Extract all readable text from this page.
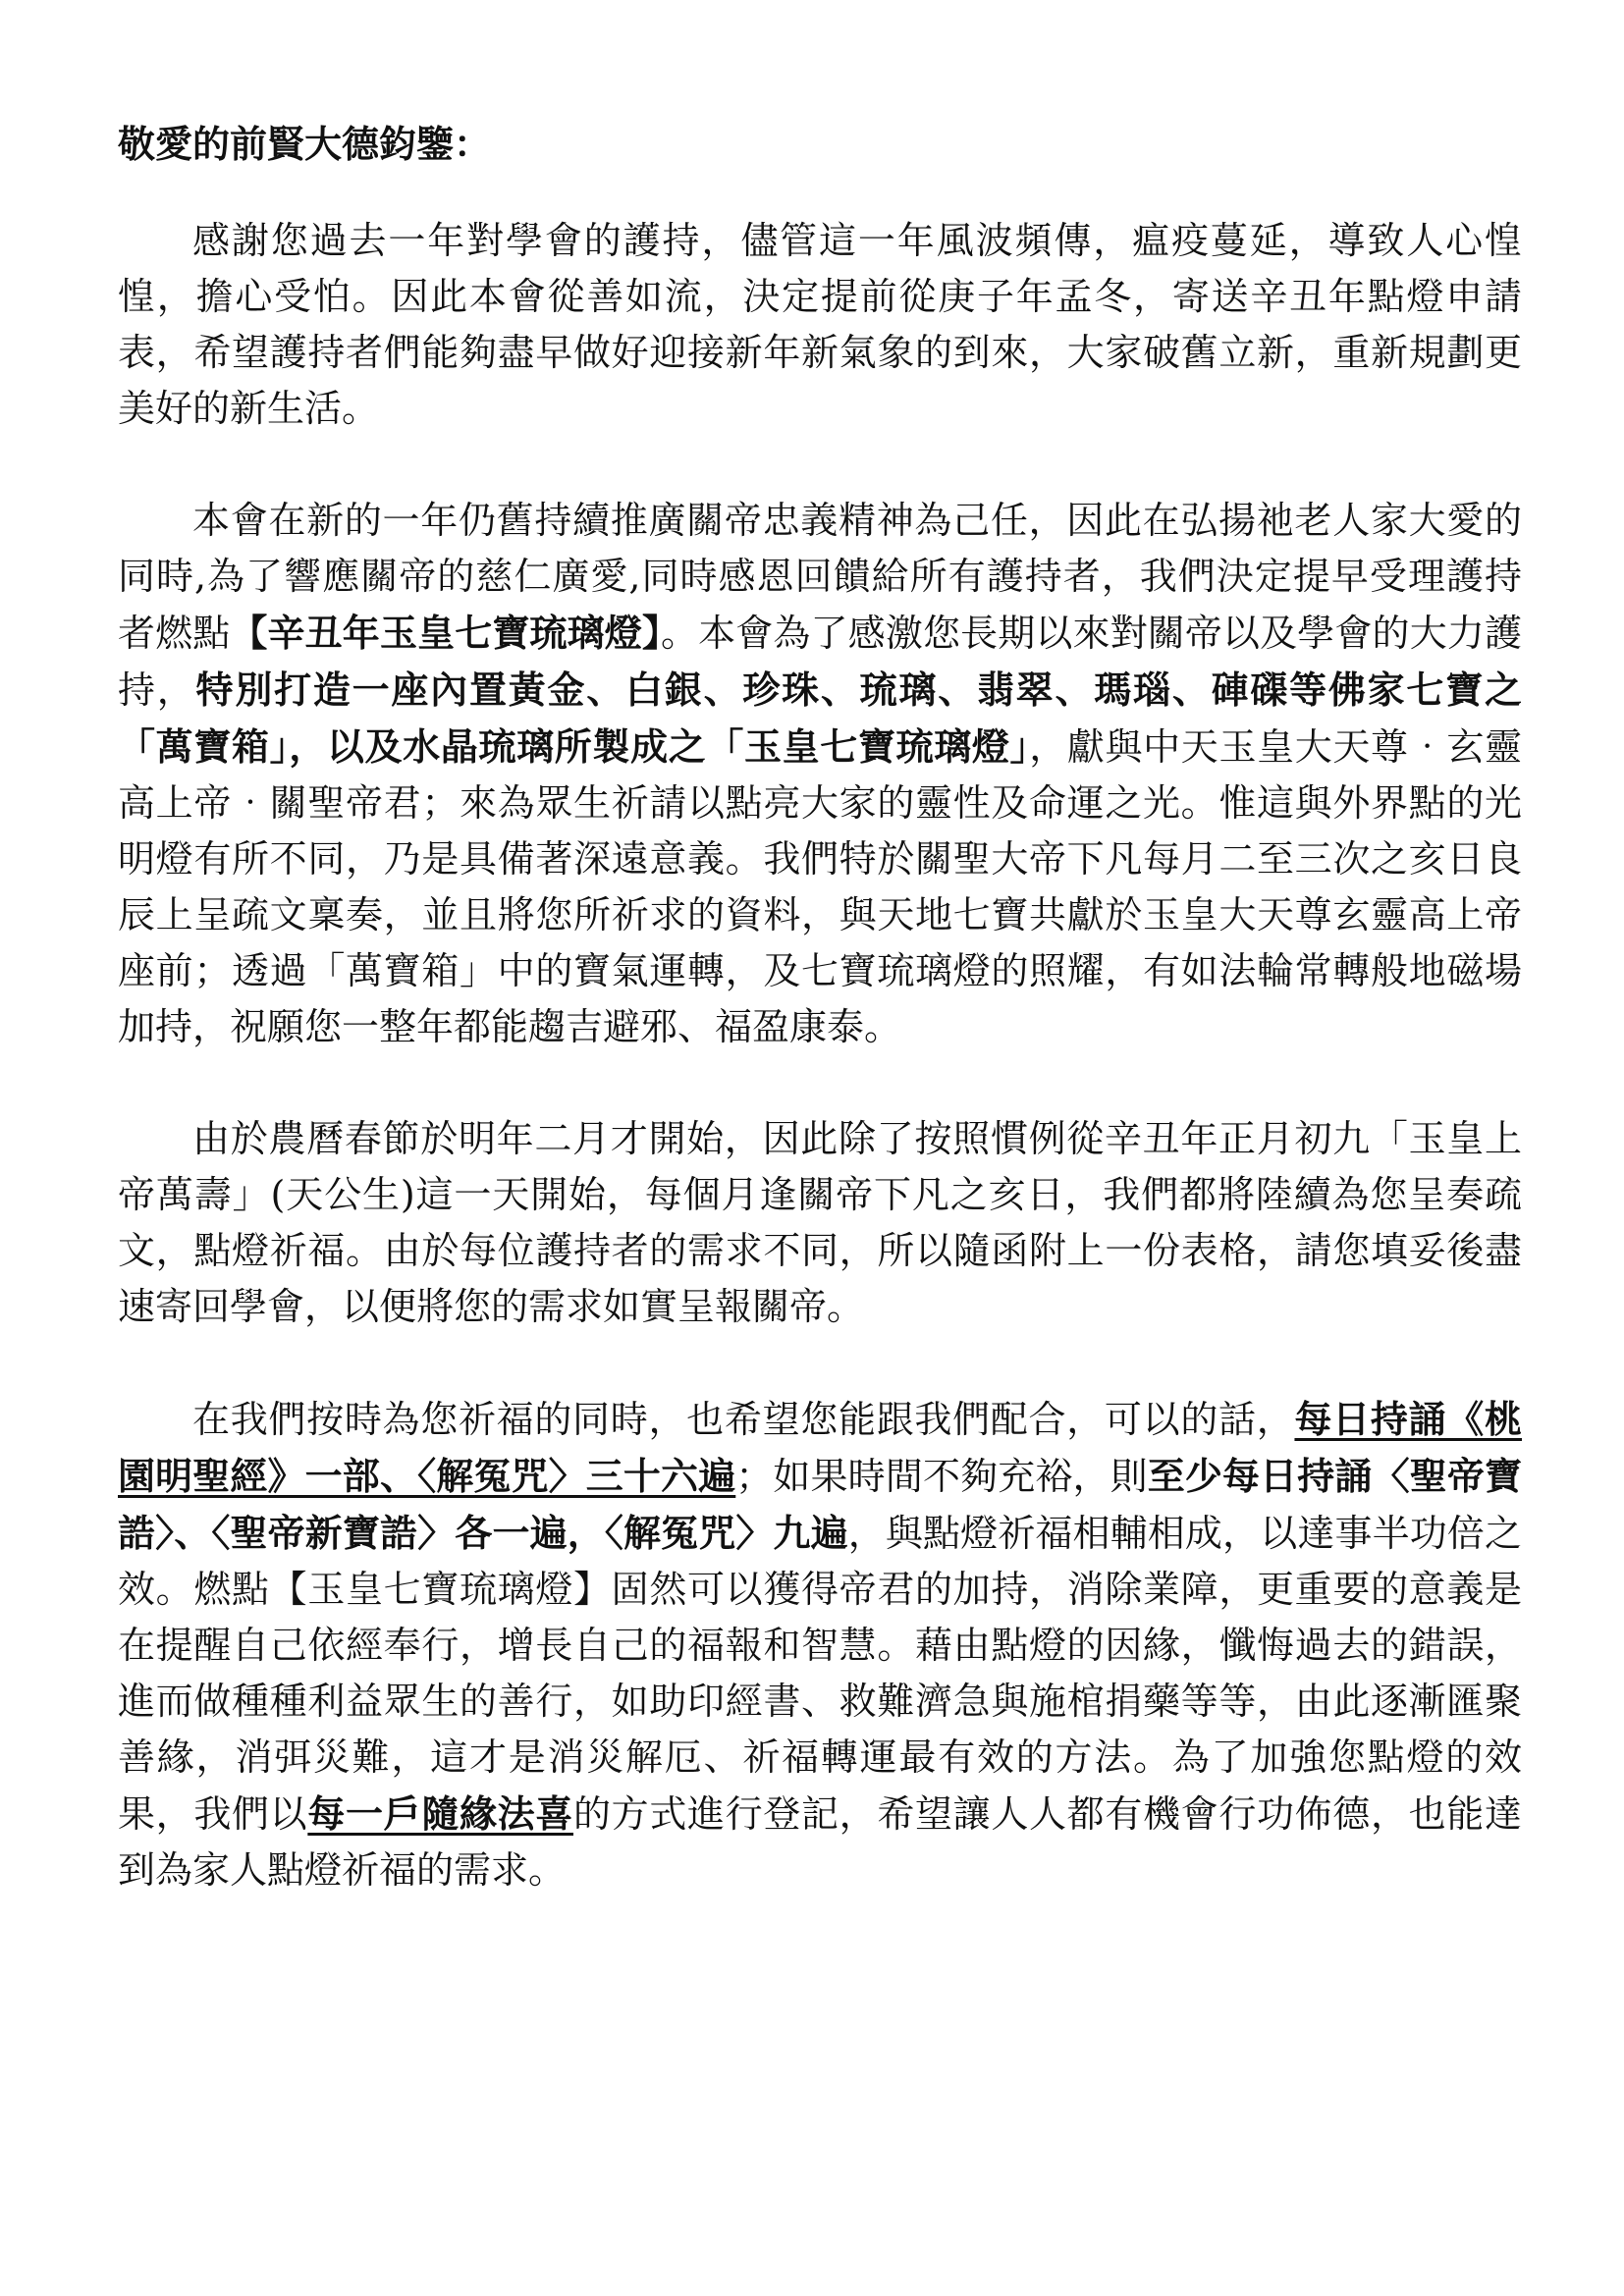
敬愛的前賢大德鈞鑒：

感謝您過去一年對學會的護持，儘管這一年風波頻傳，瘟疫蔓延，導致人心惶惶，擔心受怕。因此本會從善如流，決定提前從庚子年孟冬，寄送辛丑年點燈申請表，希望護持者們能夠盡早做好迎接新年新氣象的到來，大家破舊立新，重新規劃更美好的新生活。

本會在新的一年仍舊持續推廣關帝忠義精神為己任，因此在弘揚祂老人家大愛的同時,為了響應關帝的慈仁廣愛,同時感恩回饋給所有護持者，我們決定提早受理護持者燃點【辛丑年玉皇七寶琉璃燈】。本會為了感激您長期以來對關帝以及學會的大力護持，特別打造一座內置黃金、白銀、珍珠、琉璃、翡翠、瑪瑙、硨磲等佛家七寶之「萬寶箱」，以及水晶琉璃所製成之「玉皇七寶琉璃燈」，獻與中天玉皇大天尊‧玄靈高上帝‧關聖帝君；來為眾生祈請以點亮大家的靈性及命運之光。惟這與外界點的光明燈有所不同，乃是具備著深遠意義。我們特於關聖大帝下凡每月二至三次之亥日良辰上呈疏文稟奏，並且將您所祈求的資料，與天地七寶共獻於玉皇大天尊玄靈高上帝座前；透過「萬寶箱」中的寶氣運轉，及七寶琉璃燈的照耀，有如法輪常轉般地磁場加持，祝願您一整年都能趨吉避邪、福盈康泰。

由於農曆春節於明年二月才開始，因此除了按照慣例從辛丑年正月初九「玉皇上帝萬壽」(天公生)這一天開始，每個月逢關帝下凡之亥日，我們都將陸續為您呈奏疏文，點燈祈福。由於每位護持者的需求不同，所以隨函附上一份表格，請您填妥後盡速寄回學會，以便將您的需求如實呈報關帝。

在我們按時為您祈福的同時，也希望您能跟我們配合，可以的話，每日持誦《桃園明聖經》一部、〈解冤咒〉三十六遍；如果時間不夠充裕，則至少每日持誦〈聖帝寶誥〉、〈聖帝新寶誥〉各一遍，〈解冤咒〉九遍，與點燈祈福相輔相成，以達事半功倍之效。燃點【玉皇七寶琉璃燈】固然可以獲得帝君的加持，消除業障，更重要的意義是在提醒自己依經奉行，增長自己的福報和智慧。藉由點燈的因緣，懺悔過去的錯誤，進而做種種利益眾生的善行，如助印經書、救難濟急與施棺捐藥等等，由此逐漸匯聚善緣，消弭災難，這才是消災解厄、祈福轉運最有效的方法。為了加強您點燈的效果，我們以每一戶隨緣法喜的方式進行登記，希望讓人人都有機會行功佈德，也能達到為家人點燈祈福的需求。
